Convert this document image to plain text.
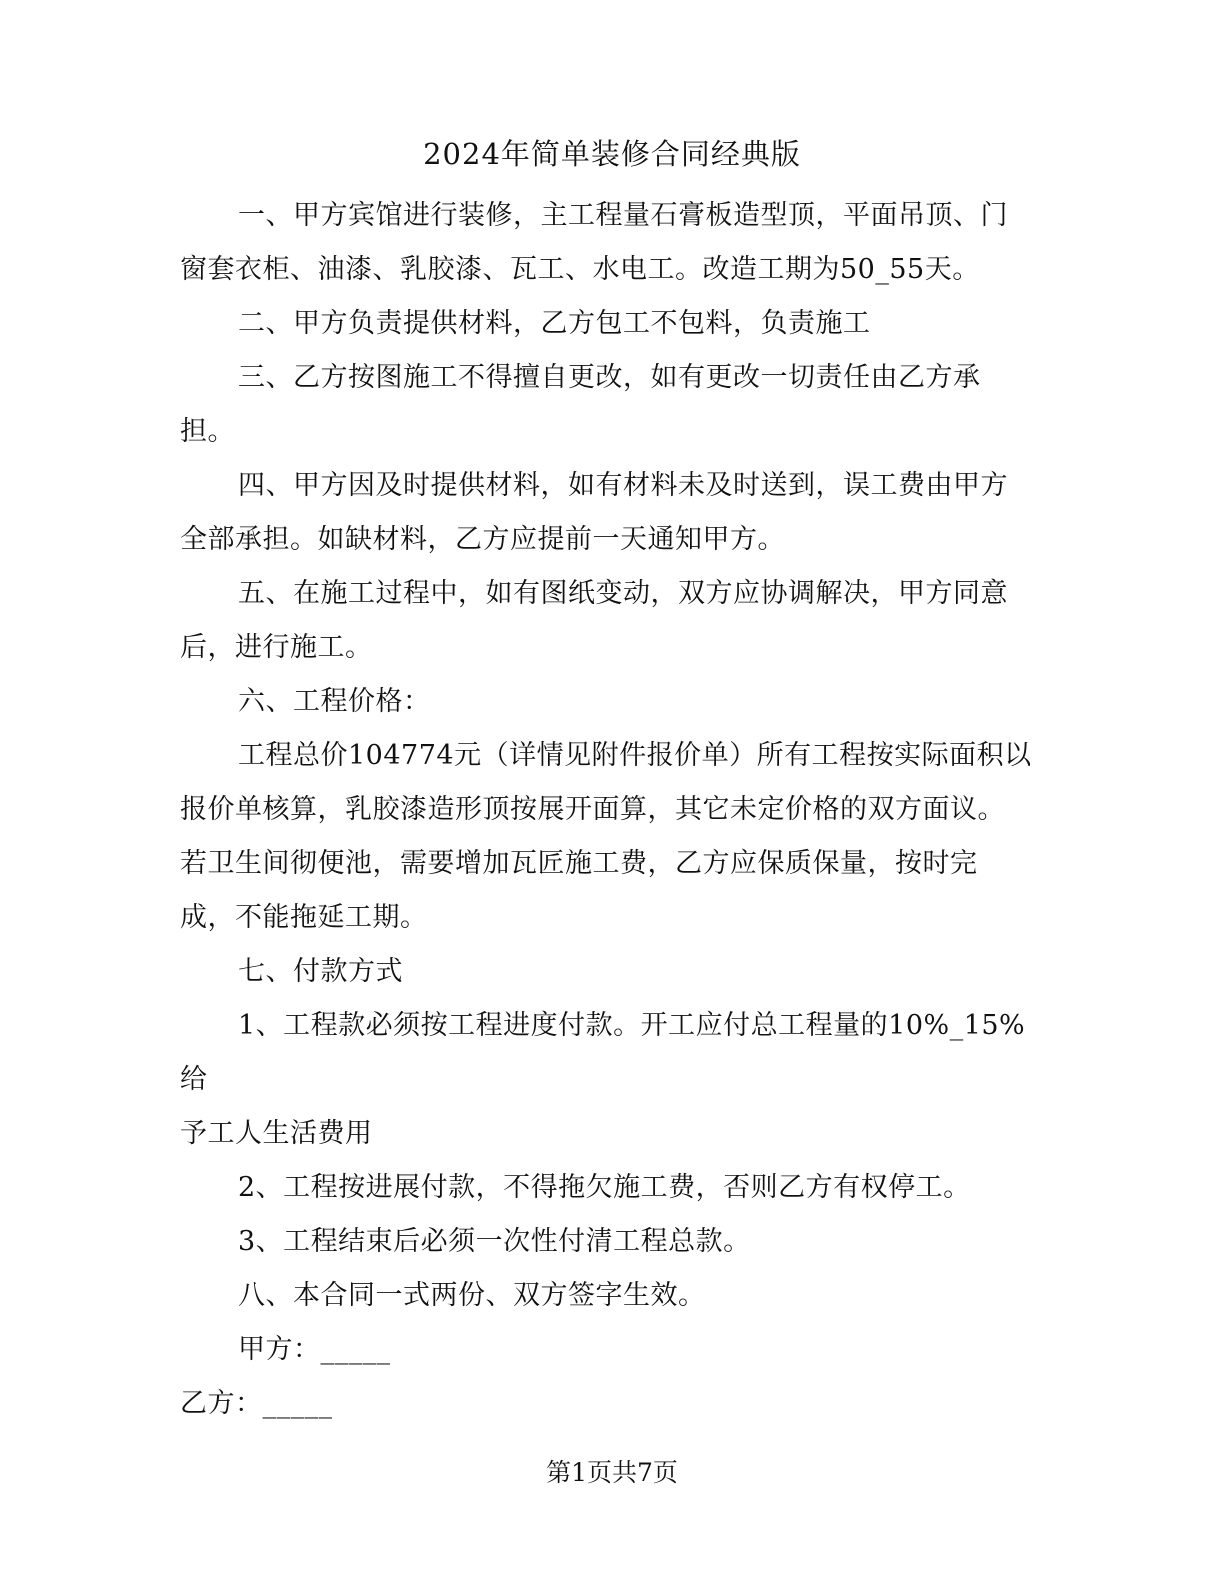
2024年简单装修合同经典版

一、甲方宾馆进行装修，主工程量石膏板造型顶，平面吊顶、门
窗套衣柜、油漆、乳胶漆、瓦工、水电工。改造工期为50_55天。

二、甲方负责提供材料，乙方包工不包料，负责施工

三、乙方按图施工不得擅自更改，如有更改一切责任由乙方承
担。

四、甲方因及时提供材料，如有材料未及时送到，误工费由甲方
全部承担。如缺材料，乙方应提前一天通知甲方。

五、在施工过程中，如有图纸变动，双方应协调解决，甲方同意
后，进行施工。

六、工程价格：

工程总价104774元（详情见附件报价单）所有工程按实际面积以
报价单核算，乳胶漆造形顶按展开面算，其它未定价格的双方面议。
若卫生间彻便池，需要增加瓦匠施工费，乙方应保质保量，按时完
成，不能拖延工期。

七、付款方式

1、工程款必须按工程进度付款。开工应付总工程量的10%_15%给
予工人生活费用

2、工程按进展付款，不得拖欠施工费，否则乙方有权停工。

3、工程结束后必须一次性付清工程总款。

八、本合同一式两份、双方签字生效。

甲方：_____

乙方：_____

第1页共7页
